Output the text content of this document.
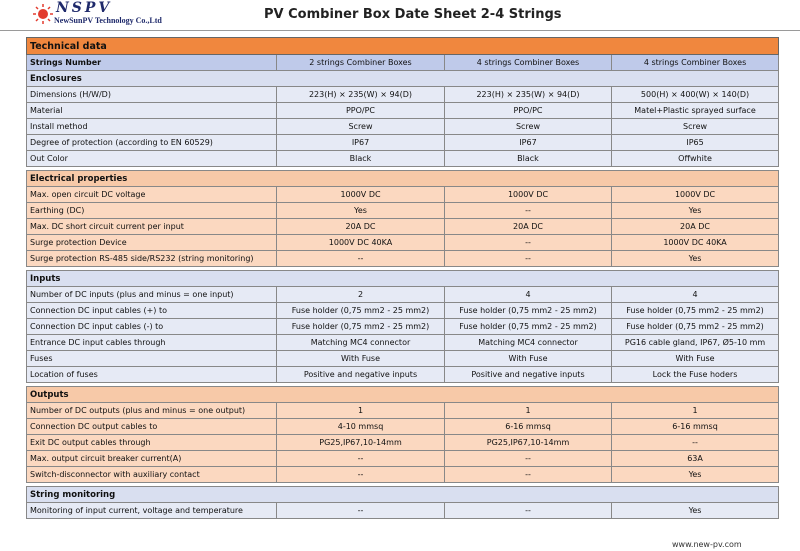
NSPV
NewSunPV Technology Co.,Ltd	PV Combiner Box Date Sheet 2-4 Strings
Technical data			
Strings Number	2 strings Combiner Boxes	4 strings Combiner Boxes	4 strings Combiner Boxes
Enclosures			
Dimensions (H/W/D)	223(H) × 235(W) × 94(D)	223(H) × 235(W) × 94(D)	500(H) × 400(W) × 140(D)
Material	PPO/PC	PPO/PC	Matel+Plastic sprayed surface
Install method	Screw	Screw	Screw
Degree of protection (according to EN 60529)	IP67	IP67	IP65
Out Color	Black	Black	Offwhite

Electrical properties			
Max. open circuit DC voltage	1000V DC	1000V DC	1000V DC
Earthing (DC)	Yes	--	Yes
Max. DC short circuit current per input	20A DC	20A DC	20A DC
Surge protection Device	1000V DC 40KA	--	1000V DC 40KA
Surge protection RS-485 side/RS232 (string monitoring)	--	--	Yes

Inputs			
Number of DC inputs (plus and minus = one input)	2	4	4
Connection DC input cables (+) to	Fuse holder (0,75 mm2 - 25 mm2)	Fuse holder (0,75 mm2 - 25 mm2)	Fuse holder (0,75 mm2 - 25 mm2)
Connection DC input cables (-) to	Fuse holder (0,75 mm2 - 25 mm2)	Fuse holder (0,75 mm2 - 25 mm2)	Fuse holder (0,75 mm2 - 25 mm2)
Entrance DC input cables through	Matching MC4 connector	Matching MC4 connector	PG16 cable gland, IP67, Ø5-10 mm
Fuses	With Fuse	With Fuse	With Fuse
Location of fuses	Positive and negative inputs	Positive and negative inputs	Lock the Fuse hoders

Outputs			
Number of DC outputs (plus and minus = one output)	1	1	1
Connection DC output cables to	4-10 mmsq	6-16 mmsq	6-16 mmsq
Exit DC output cables through	PG25,IP67,10-14mm	PG25,IP67,10-14mm	--
Max. output circuit breaker current(A)	--	--	63A
Switch-disconnector with auxiliary contact	--	--	Yes

String monitoring			
Monitoring of input current, voltage and temperature	--	--	Yes
www.new-pv.com
